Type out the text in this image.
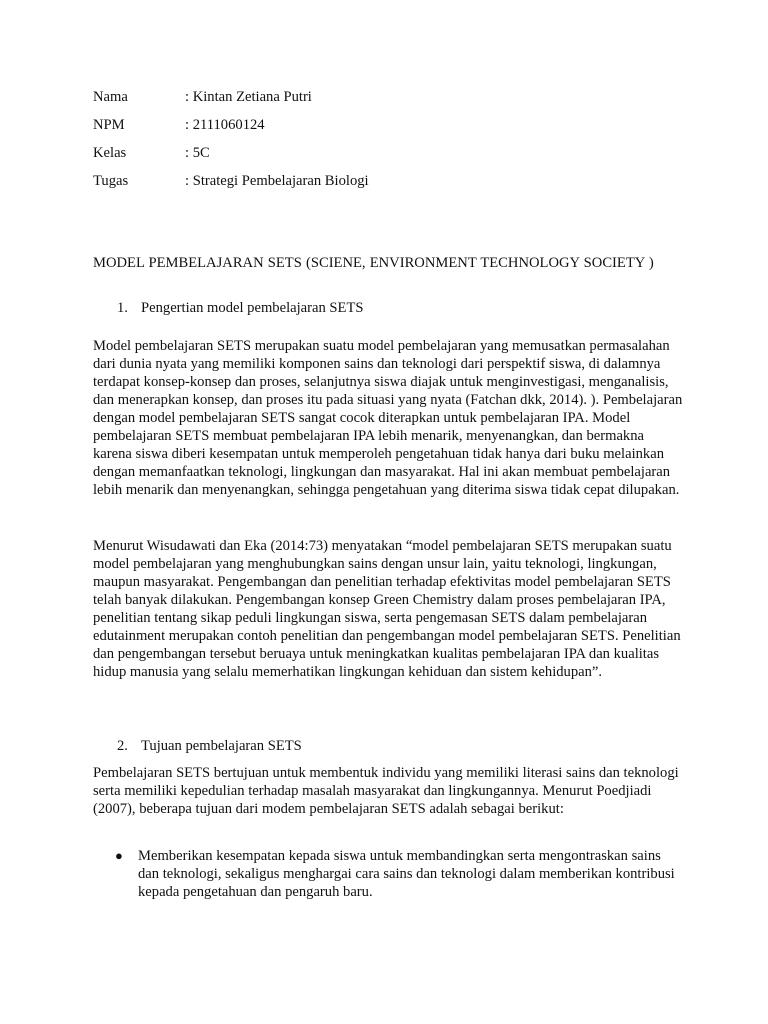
Nama	: Kintan Zetiana Putri
NPM	: 2111060124
Kelas	: 5C
Tugas	: Strategi Pembelajaran Biologi
MODEL PEMBELAJARAN SETS (SCIENE, ENVIRONMENT TECHNOLOGY SOCIETY )
1. Pengertian model pembelajaran SETS

Model pembelajaran SETS merupakan suatu model pembelajaran yang memusatkan permasalahan dari dunia nyata yang memiliki komponen sains dan teknologi dari perspektif siswa, di dalamnya terdapat konsep-konsep dan proses, selanjutnya siswa diajak untuk menginvestigasi, menganalisis, dan menerapkan konsep, dan proses itu pada situasi yang nyata (Fatchan dkk, 2014). ). Pembelajaran dengan model pembelajaran SETS sangat cocok diterapkan untuk pembelajaran IPA. Model pembelajaran SETS membuat pembelajaran IPA lebih menarik, menyenangkan, dan bermakna karena siswa diberi kesempatan untuk memperoleh pengetahuan tidak hanya dari buku melainkan dengan memanfaatkan teknologi, lingkungan dan masyarakat. Hal ini akan membuat pembelajaran lebih menarik dan menyenangkan, sehingga pengetahuan yang diterima siswa tidak cepat dilupakan.

Menurut Wisudawati dan Eka (2014:73) menyatakan “model pembelajaran SETS merupakan suatu model pembelajaran yang menghubungkan sains dengan unsur lain, yaitu teknologi, lingkungan, maupun masyarakat. Pengembangan dan penelitian terhadap efektivitas model pembelajaran SETS telah banyak dilakukan. Pengembangan konsep Green Chemistry dalam proses pembelajaran IPA, penelitian tentang sikap peduli lingkungan siswa, serta pengemasan SETS dalam pembelajaran edutainment merupakan contoh penelitian dan pengembangan model pembelajaran SETS. Penelitian dan pengembangan tersebut beruaya untuk meningkatkan kualitas pembelajaran IPA dan kualitas hidup manusia yang selalu memerhatikan lingkungan kehiduan dan sistem kehidupan”.

2. Tujuan pembelajaran SETS

Pembelajaran SETS bertujuan untuk membentuk individu yang memiliki literasi sains dan teknologi serta memiliki kepedulian terhadap masalah masyarakat dan lingkungannya. Menurut Poedjiadi (2007), beberapa tujuan dari modem pembelajaran SETS adalah sebagai berikut:

●	Memberikan kesempatan kepada siswa untuk membandingkan serta mengontraskan sains dan teknologi, sekaligus menghargai cara sains dan teknologi dalam memberikan kontribusi kepada pengetahuan dan pengaruh baru.
